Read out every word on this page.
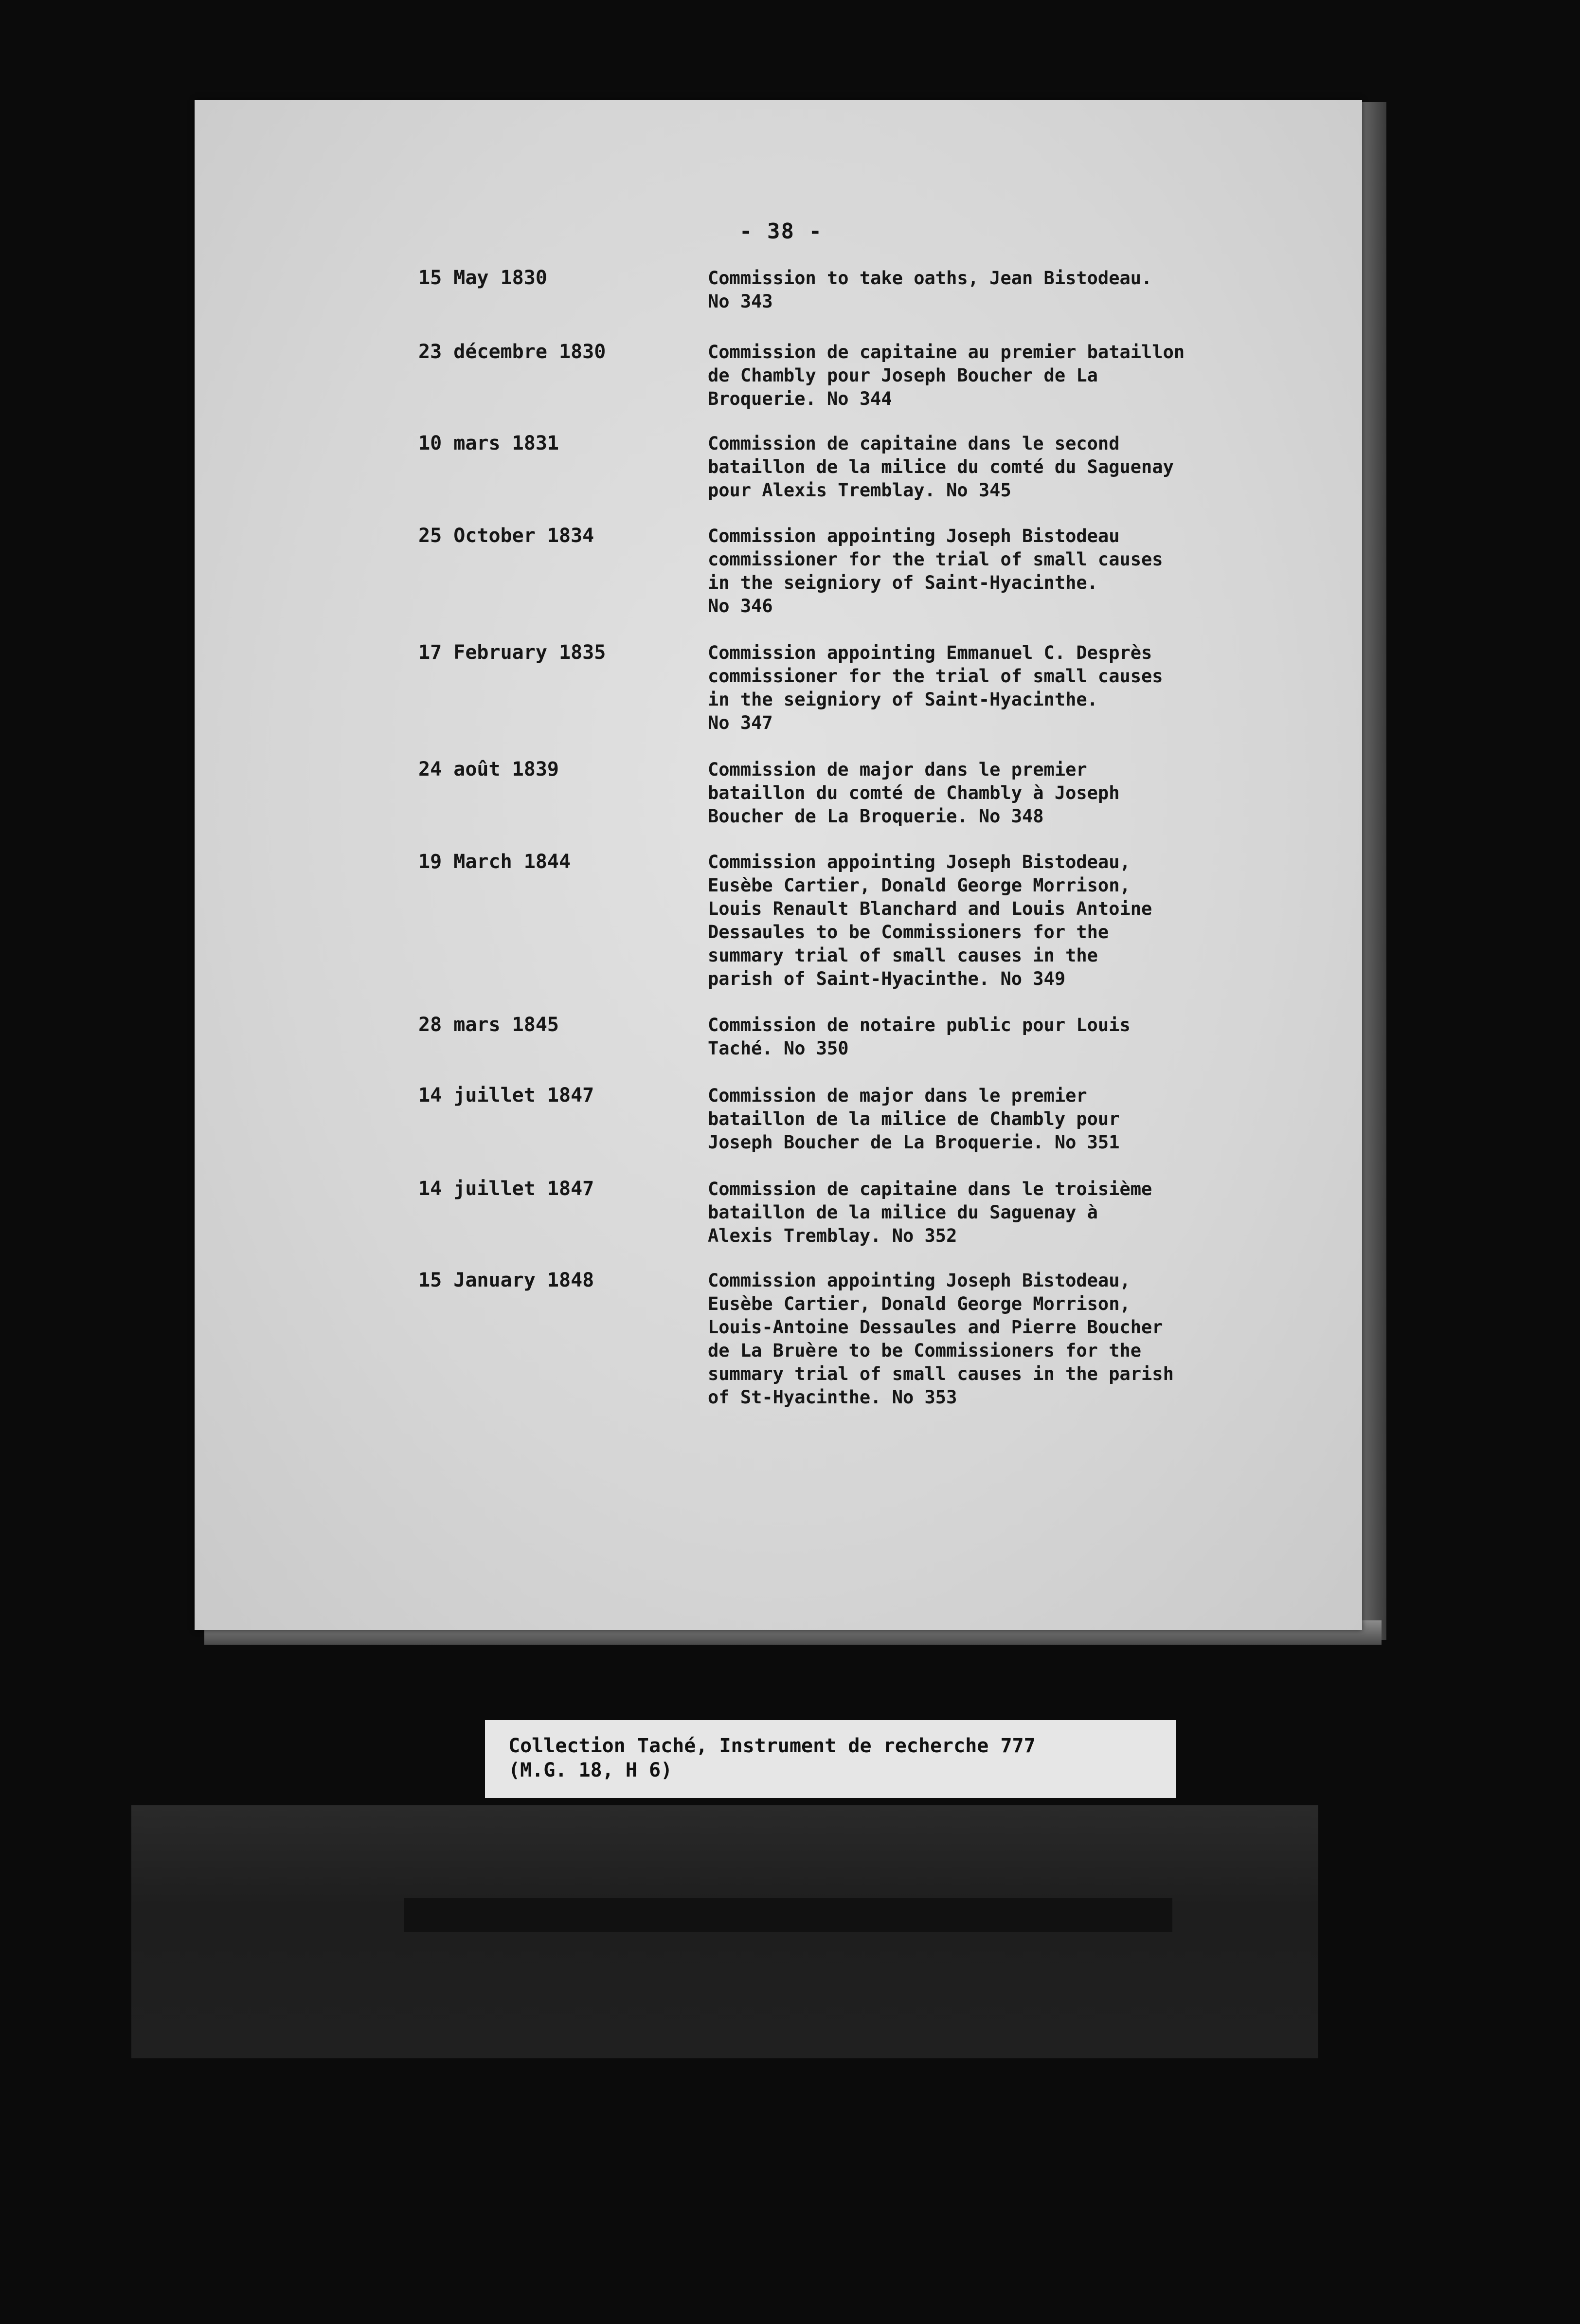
- 38 -
15 May 1830	Commission to take oaths, Jean Bistodeau.
No 343
23 décembre 1830	Commission de capitaine au premier bataillon
de Chambly pour Joseph Boucher de La
Broquerie. No 344
10 mars 1831	Commission de capitaine dans le second
bataillon de la milice du comté du Saguenay
pour Alexis Tremblay. No 345
25 October 1834	Commission appointing Joseph Bistodeau
commissioner for the trial of small causes
in the seigniory of Saint-Hyacinthe.
No 346
17 February 1835	Commission appointing Emmanuel C. Desprès
commissioner for the trial of small causes
in the seigniory of Saint-Hyacinthe.
No 347
24 août 1839	Commission de major dans le premier
bataillon du comté de Chambly à Joseph
Boucher de La Broquerie. No 348
19 March 1844	Commission appointing Joseph Bistodeau,
Eusèbe Cartier, Donald George Morrison,
Louis Renault Blanchard and Louis Antoine
Dessaules to be Commissioners for the
summary trial of small causes in the
parish of Saint-Hyacinthe. No 349
28 mars 1845	Commission de notaire public pour Louis
Taché. No 350
14 juillet 1847	Commission de major dans le premier
bataillon de la milice de Chambly pour
Joseph Boucher de La Broquerie. No 351
14 juillet 1847	Commission de capitaine dans le troisième
bataillon de la milice du Saguenay à
Alexis Tremblay. No 352
15 January 1848	Commission appointing Joseph Bistodeau,
Eusèbe Cartier, Donald George Morrison,
Louis-Antoine Dessaules and Pierre Boucher
de La Bruère to be Commissioners for the
summary trial of small causes in the parish
of St-Hyacinthe. No 353
Collection Taché, Instrument de recherche 777
(M.G. 18, H 6)
